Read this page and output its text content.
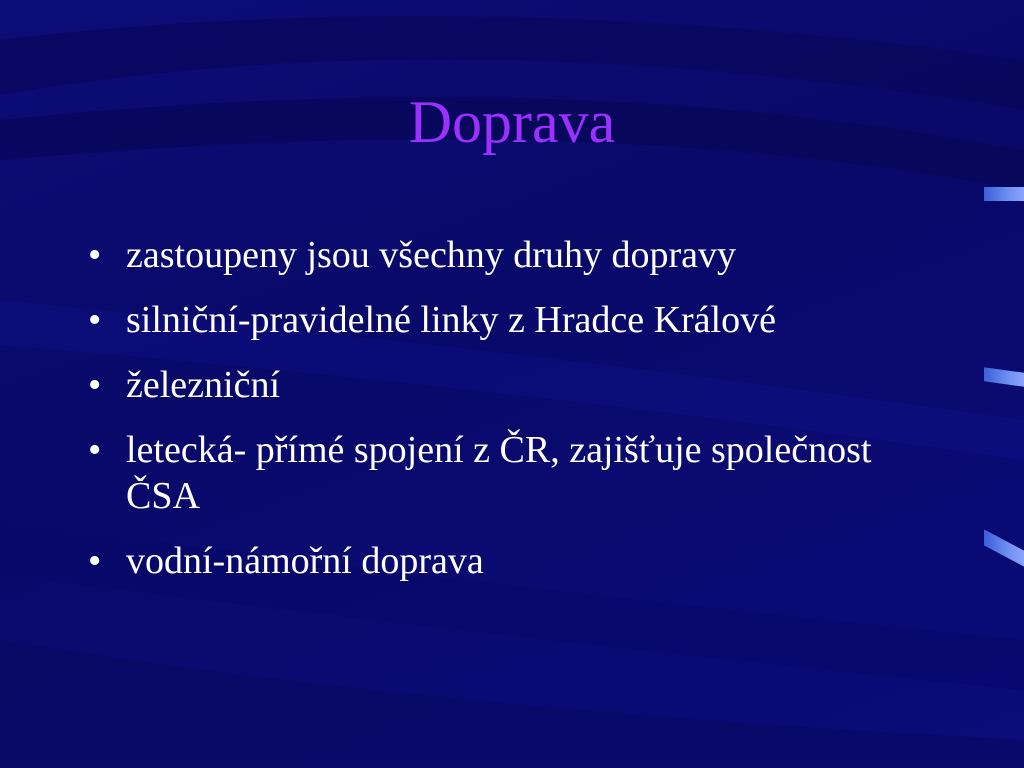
Doprava
• zastoupeny jsou všechny druhy dopravy
• silniční-pravidelné linky z Hradce Králové
• železniční
• letecká- přímé spojení z ČR, zajišťuje společnost ČSA
• vodní-námořní doprava
